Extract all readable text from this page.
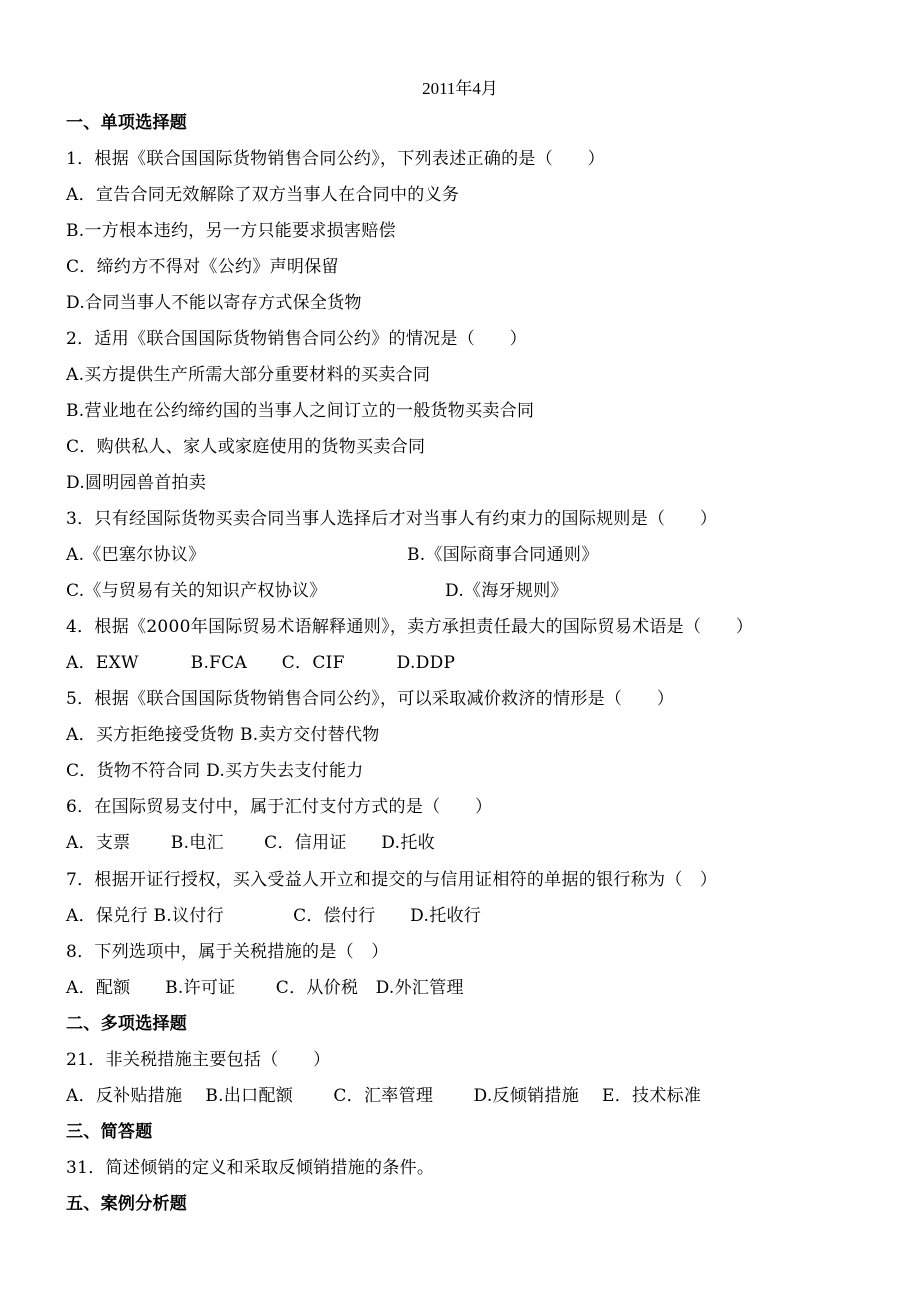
2011年4月
一、单项选择题
1．根据《联合国国际货物销售合同公约》，下列表述正确的是（　　）
A．宣告合同无效解除了双方当事人在合同中的义务
B.一方根本违约，另一方只能要求损害赔偿
C．缔约方不得对《公约》声明保留
D.合同当事人不能以寄存方式保全货物
2．适用《联合国国际货物销售合同公约》的情况是（　　）
A.买方提供生产所需大部分重要材料的买卖合同
B.营业地在公约缔约国的当事人之间订立的一般货物买卖合同
C．购供私人、家人或家庭使用的货物买卖合同
D.圆明园兽首拍卖
3．只有经国际货物买卖合同当事人选择后才对当事人有约束力的国际规则是（　　）
A.《巴塞尔协议》	B.《国际商事合同通则》
C.《与贸易有关的知识产权协议》	D.《海牙规则》
4．根据《2000年国际贸易术语解释通则》，卖方承担责任最大的国际贸易术语是（　　）
A．EXW　　　B.FCA　　C．CIF　　　D.DDP
5．根据《联合国国际货物销售合同公约》，可以采取减价救济的情形是（　　）
A．买方拒绝接受货物 B.卖方交付替代物
C．货物不符合同 D.买方失去支付能力
6．在国际贸易支付中，属于汇付支付方式的是（　　）
A．支票　　 B.电汇　　 C．信用证　　D.托收
7．根据开证行授权，买入受益人开立和提交的与信用证相符的单据的银行称为（　）
A．保兑行 B.议付行　　　　C．偿付行　　D.托收行
8．下列选项中，属于关税措施的是（　）
A．配额　　B.许可证　　 C．从价税　D.外汇管理
二、多项选择题
21．非关税措施主要包括（　　）
A．反补贴措施　 B.出口配额　　 C．汇率管理　　 D.反倾销措施　 E．技术标准
三、简答题
31．简述倾销的定义和采取反倾销措施的条件。
五、案例分析题
